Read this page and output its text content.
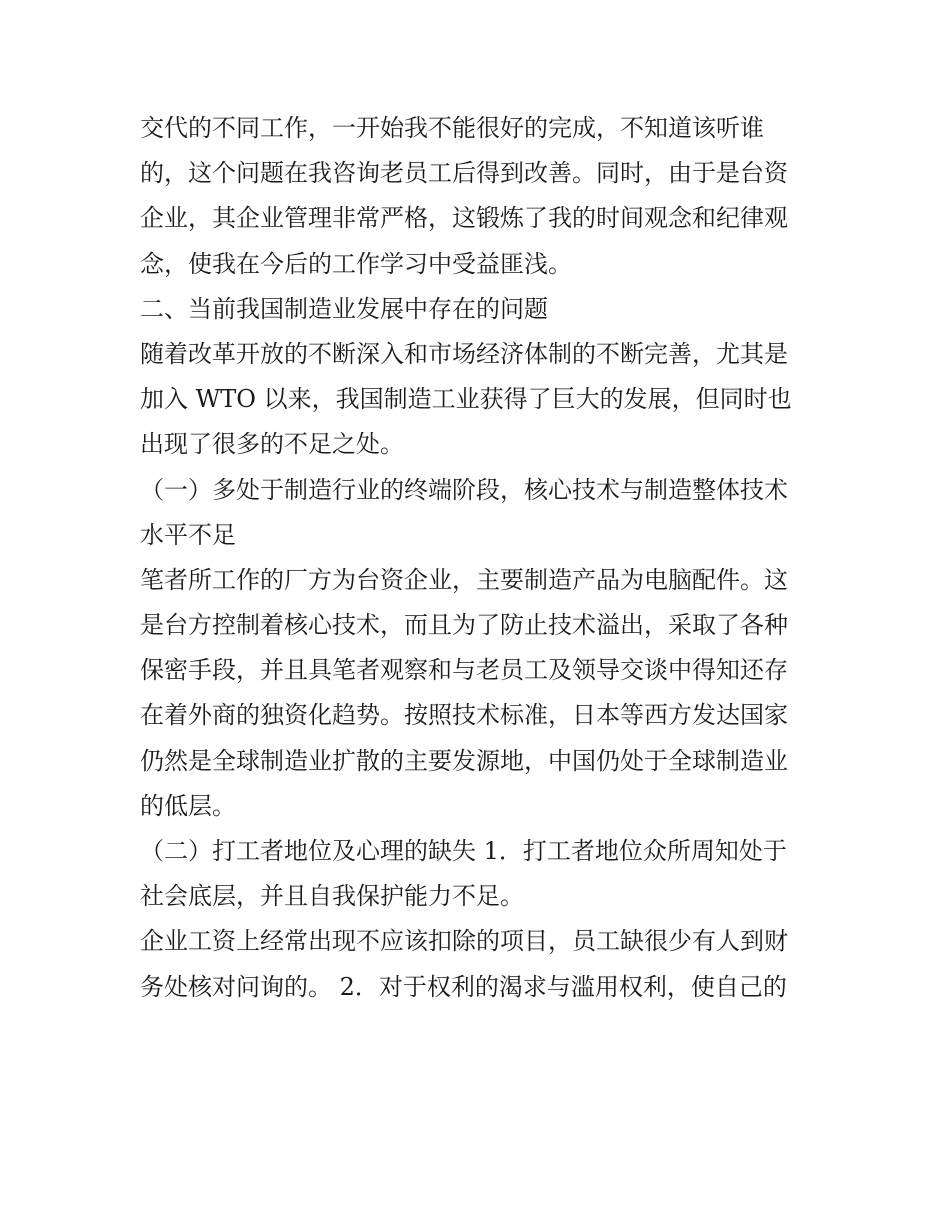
交代的不同工作，一开始我不能很好的完成，不知道该听谁
的，这个问题在我咨询老员工后得到改善。同时，由于是台资
企业，其企业管理非常严格，这锻炼了我的时间观念和纪律观
念，使我在今后的工作学习中受益匪浅。
二、当前我国制造业发展中存在的问题
随着改革开放的不断深入和市场经济体制的不断完善，尤其是
加入 WTO 以来，我国制造工业获得了巨大的发展，但同时也
出现了很多的不足之处。
（一）多处于制造行业的终端阶段，核心技术与制造整体技术
水平不足
笔者所工作的厂方为台资企业，主要制造产品为电脑配件。这
是台方控制着核心技术，而且为了防止技术溢出，采取了各种
保密手段，并且具笔者观察和与老员工及领导交谈中得知还存
在着外商的独资化趋势。按照技术标准，日本等西方发达国家
仍然是全球制造业扩散的主要发源地，中国仍处于全球制造业
的低层。
（二）打工者地位及心理的缺失 1．打工者地位众所周知处于
社会底层，并且自我保护能力不足。
企业工资上经常出现不应该扣除的项目，员工缺很少有人到财
务处核对问询的。 2．对于权利的渴求与滥用权利，使自己的
